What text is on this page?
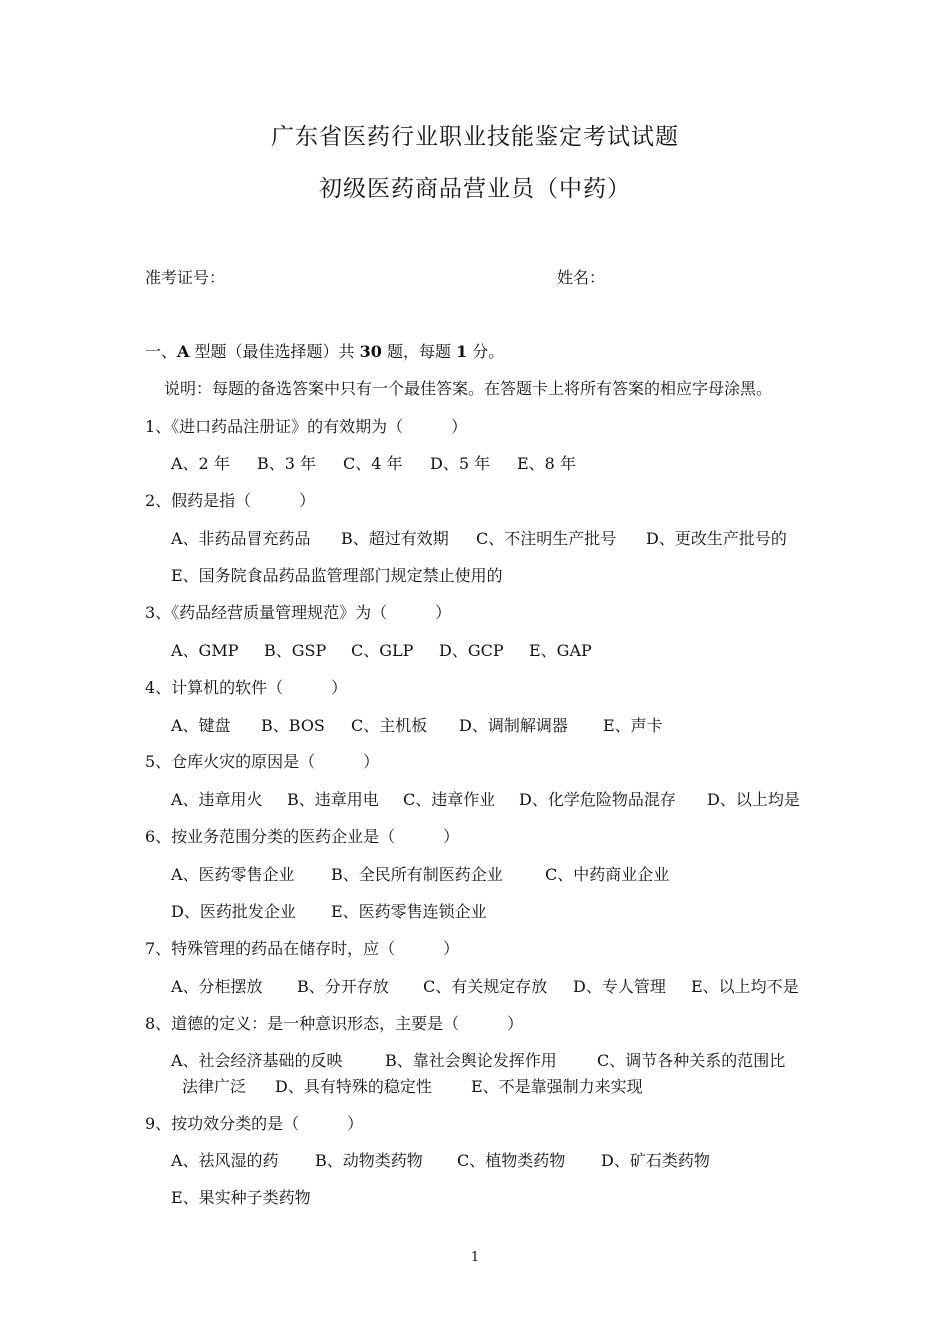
广东省医药行业职业技能鉴定考试试题
初级医药商品营业员（中药）
准考证号：	姓名：
一、A 型题（最佳选择题）共 30 题，每题 1 分。
说明：每题的备选答案中只有一个最佳答案。在答题卡上将所有答案的相应字母涂黑。
1、《进口药品注册证》的有效期为（　　　）
A、2 年 B、3 年 C、4 年 D、5 年 E、8 年
2、假药是指（　　　）
A、非药品冒充药品 B、超过有效期 C、不注明生产批号 D、更改生产批号的
E、国务院食品药品监管理部门规定禁止使用的
3、《药品经营质量管理规范》为（　　　）
A、GMP B、GSP C、GLP D、GCP E、GAP
4、计算机的软件（　　　）
A、键盘 B、BOS C、主机板 D、调制解调器 E、声卡
5、仓库火灾的原因是（　　　）
A、违章用火 B、违章用电 C、违章作业 D、化学危险物品混存 D、以上均是
6、按业务范围分类的医药企业是（　　　）
A、医药零售企业 B、全民所有制医药企业	C、中药商业企业
D、医药批发企业 E、医药零售连锁企业
7、特殊管理的药品在储存时，应（　　　）
A、分柜摆放 B、分开存放 C、有关规定存放 D、专人管理 E、以上均不是
8、道德的定义：是一种意识形态，主要是（　　　）
A、社会经济基础的反映	B、靠社会舆论发挥作用	C、调节各种关系的范围比
法律广泛 D、具有特殊的稳定性 E、不是靠强制力来实现
9、按功效分类的是（　　　）
A、祛风湿的药 B、动物类药物 C、植物类药物 D、矿石类药物
E、果实种子类药物
1
